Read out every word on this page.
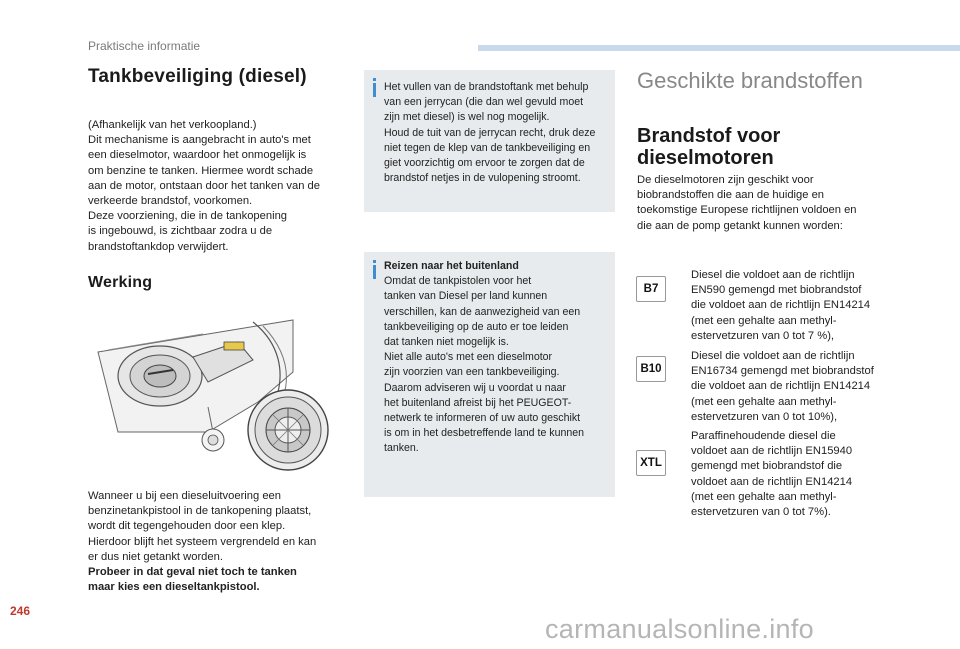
Praktische informatie
Tankbeveiliging (diesel)

(Afhankelijk van het verkoopland.)
Dit mechanisme is aangebracht in auto's met
een dieselmotor, waardoor het onmogelijk is
om benzine te tanken. Hiermee wordt schade
aan de motor, ontstaan door het tanken van de
verkeerde brandstof, voorkomen.
Deze voorziening, die in de tankopening
is ingebouwd, is zichtbaar zodra u de
brandstoftankdop verwijdert.

Werking

Wanneer u bij een dieseluitvoering een
benzinetankpistool in de tankopening plaatst,
wordt dit tegengehouden door een klep.
Hierdoor blijft het systeem vergrendeld en kan
er dus niet getankt worden.

Probeer in dat geval niet toch te tanken
maar kies een dieseltankpistool.

Het vullen van de brandstoftank met behulp
van een jerrycan (die dan wel gevuld moet
zijn met diesel) is wel nog mogelijk.
Houd de tuit van de jerrycan recht, druk deze
niet tegen de klep van de tankbeveiliging en
giet voorzichtig om ervoor te zorgen dat de
brandstof netjes in de vulopening stroomt.
Reizen naar het buitenland
Omdat de tankpistolen voor het
tanken van Diesel per land kunnen
verschillen, kan de aanwezigheid van een
tankbeveiliging op de auto er toe leiden
dat tanken niet mogelijk is.
Niet alle auto's met een dieselmotor
zijn voorzien van een tankbeveiliging.
Daarom adviseren wij u voordat u naar
het buitenland afreist bij het PEUGEOT-
netwerk te informeren of uw auto geschikt
is om in het desbetreffende land te kunnen
tanken.
Geschikte brandstoffen
Brandstof voor
dieselmotoren
De dieselmotoren zijn geschikt voor
biobrandstoffen die aan de huidige en
toekomstige Europese richtlijnen voldoen en
die aan de pomp getankt kunnen worden:
B7
Diesel die voldoet aan de richtlijn
EN590 gemengd met biobrandstof
die voldoet aan de richtlijn EN14214
(met een gehalte aan methyl-
estervetzuren van 0 tot 7 %),
B10
Diesel die voldoet aan de richtlijn
EN16734 gemengd met biobrandstof
die voldoet aan de richtlijn EN14214
(met een gehalte aan methyl-
estervetzuren van 0 tot 10%),
XTL
Paraffinehoudende diesel die
voldoet aan de richtlijn EN15940
gemengd met biobrandstof die
voldoet aan de richtlijn EN14214
(met een gehalte aan methyl-
estervetzuren van 0 tot 7%).
246
carmanualsonline.info
